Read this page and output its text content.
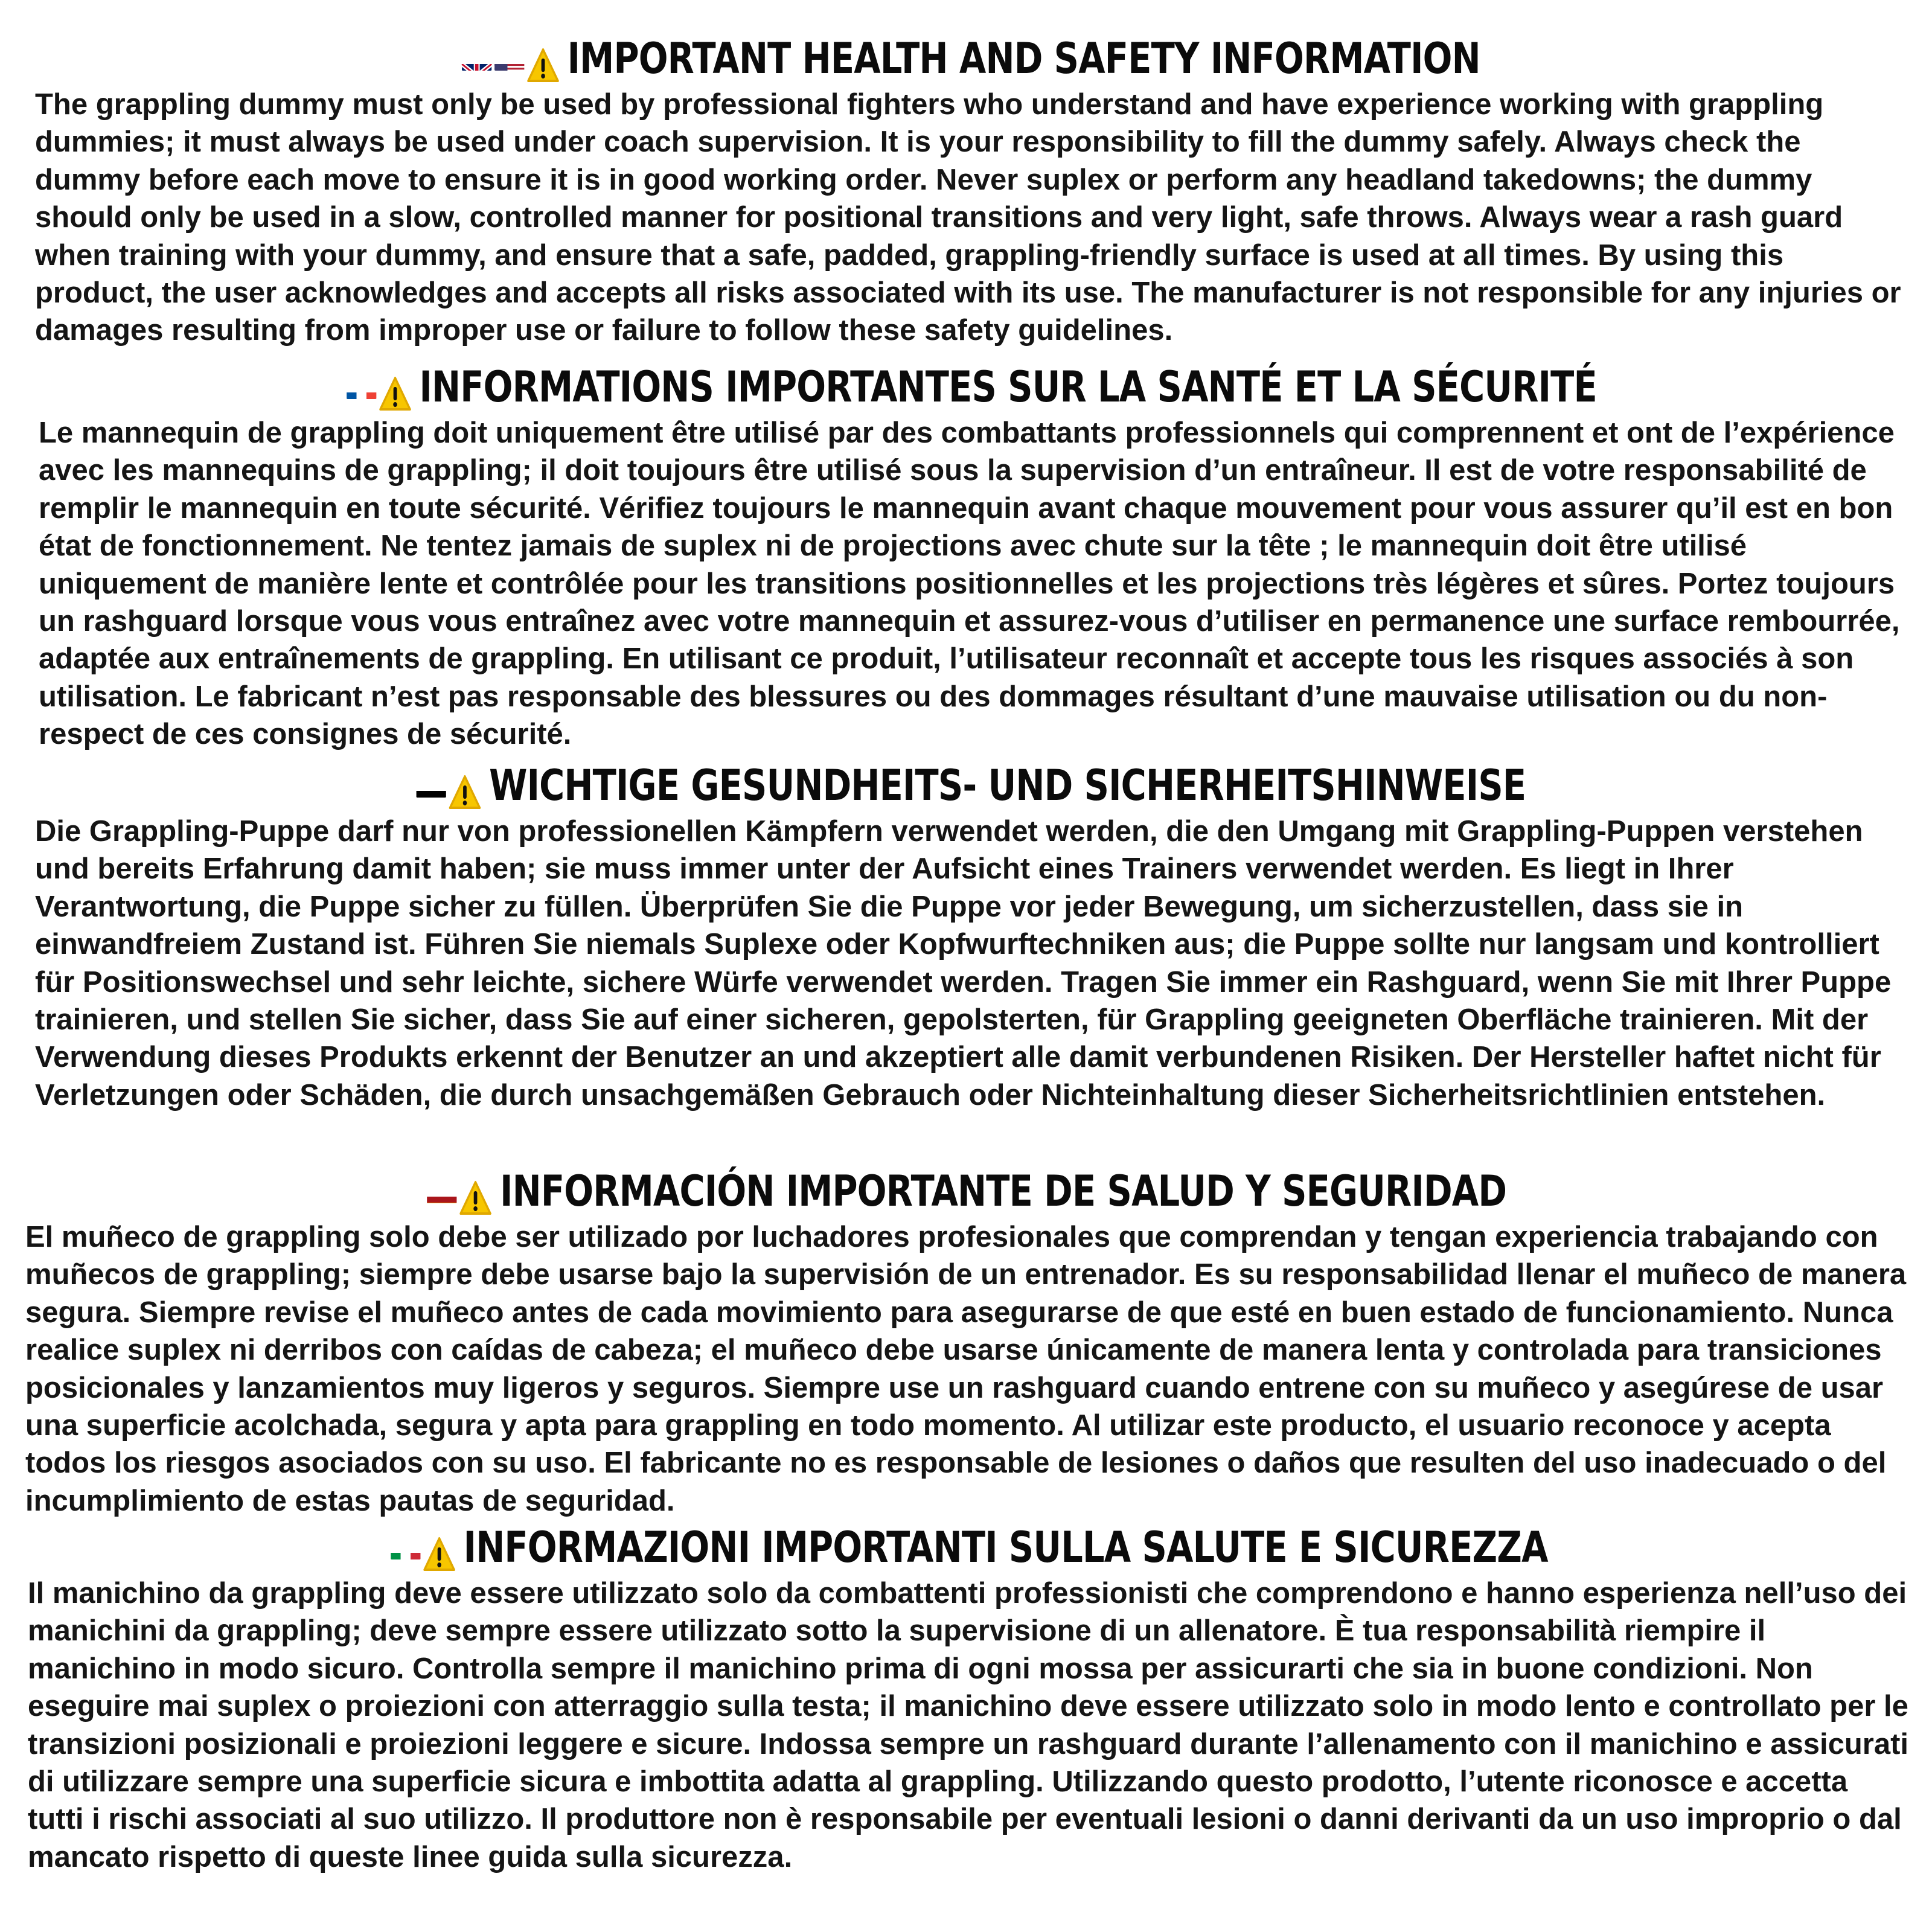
IMPORTANT HEALTH AND SAFETY INFORMATION

The grappling dummy must only be used by professional fighters who understand and have experience working with grappling dummies; it must always be used under coach supervision. It is your responsibility to fill the dummy safely. Always check the dummy before each move to ensure it is in good working order. Never suplex or perform any headland takedowns; the dummy should only be used in a slow, controlled manner for positional transitions and very light, safe throws. Always wear a rash guard when training with your dummy, and ensure that a safe, padded, grappling-friendly surface is used at all times. By using this product, the user acknowledges and accepts all risks associated with its use. The manufacturer is not responsible for any injuries or damages resulting from improper use or failure to follow these safety guidelines.

INFORMATIONS IMPORTANTES SUR LA SANTÉ ET LA SÉCURITÉ

Le mannequin de grappling doit uniquement être utilisé par des combattants professionnels qui comprennent et ont de l’expérience avec les mannequins de grappling; il doit toujours être utilisé sous la supervision d’un entraîneur. Il est de votre responsabilité de remplir le mannequin en toute sécurité. Vérifiez toujours le mannequin avant chaque mouvement pour vous assurer qu’il est en bon état de fonctionnement. Ne tentez jamais de suplex ni de projections avec chute sur la tête ; le mannequin doit être utilisé uniquement de manière lente et contrôlée pour les transitions positionnelles et les projections très légères et sûres. Portez toujours un rashguard lorsque vous vous entraînez avec votre mannequin et assurez-vous d’utiliser en permanence une surface rembourrée, adaptée aux entraînements de grappling. En utilisant ce produit, l’utilisateur reconnaît et accepte tous les risques associés à son utilisation. Le fabricant n’est pas responsable des blessures ou des dommages résultant d’une mauvaise utilisation ou du non-respect de ces consignes de sécurité.

WICHTIGE GESUNDHEITS- UND SICHERHEITSHINWEISE

Die Grappling-Puppe darf nur von professionellen Kämpfern verwendet werden, die den Umgang mit Grappling-Puppen verstehen und bereits Erfahrung damit haben; sie muss immer unter der Aufsicht eines Trainers verwendet werden. Es liegt in Ihrer Verantwortung, die Puppe sicher zu füllen. Überprüfen Sie die Puppe vor jeder Bewegung, um sicherzustellen, dass sie in einwandfreiem Zustand ist. Führen Sie niemals Suplexe oder Kopfwurftechniken aus; die Puppe sollte nur langsam und kontrolliert für Positionswechsel und sehr leichte, sichere Würfe verwendet werden. Tragen Sie immer ein Rashguard, wenn Sie mit Ihrer Puppe trainieren, und stellen Sie sicher, dass Sie auf einer sicheren, gepolsterten, für Grappling geeigneten Oberfläche trainieren. Mit der Verwendung dieses Produkts erkennt der Benutzer an und akzeptiert alle damit verbundenen Risiken. Der Hersteller haftet nicht für Verletzungen oder Schäden, die durch unsachgemäßen Gebrauch oder Nichteinhaltung dieser Sicherheitsrichtlinien entstehen.

INFORMACIÓN IMPORTANTE DE SALUD Y SEGURIDAD

El muñeco de grappling solo debe ser utilizado por luchadores profesionales que comprendan y tengan experiencia trabajando con muñecos de grappling; siempre debe usarse bajo la supervisión de un entrenador. Es su responsabilidad llenar el muñeco de manera segura. Siempre revise el muñeco antes de cada movimiento para asegurarse de que esté en buen estado de funcionamiento. Nunca realice suplex ni derribos con caídas de cabeza; el muñeco debe usarse únicamente de manera lenta y controlada para transiciones posicionales y lanzamientos muy ligeros y seguros. Siempre use un rashguard cuando entrene con su muñeco y asegúrese de usar una superficie acolchada, segura y apta para grappling en todo momento. Al utilizar este producto, el usuario reconoce y acepta todos los riesgos asociados con su uso. El fabricante no es responsable de lesiones o daños que resulten del uso inadecuado o del incumplimiento de estas pautas de seguridad.

INFORMAZIONI IMPORTANTI SULLA SALUTE E SICUREZZA

Il manichino da grappling deve essere utilizzato solo da combattenti professionisti che comprendono e hanno esperienza nell’uso dei manichini da grappling; deve sempre essere utilizzato sotto la supervisione di un allenatore. È tua responsabilità riempire il manichino in modo sicuro. Controlla sempre il manichino prima di ogni mossa per assicurarti che sia in buone condizioni. Non eseguire mai suplex o proiezioni con atterraggio sulla testa; il manichino deve essere utilizzato solo in modo lento e controllato per le transizioni posizionali e proiezioni leggere e sicure. Indossa sempre un rashguard durante l’allenamento con il manichino e assicurati di utilizzare sempre una superficie sicura e imbottita adatta al grappling. Utilizzando questo prodotto, l’utente riconosce e accetta tutti i rischi associati al suo utilizzo. Il produttore non è responsabile per eventuali lesioni o danni derivanti da un uso improprio o dal mancato rispetto di queste linee guida sulla sicurezza.
